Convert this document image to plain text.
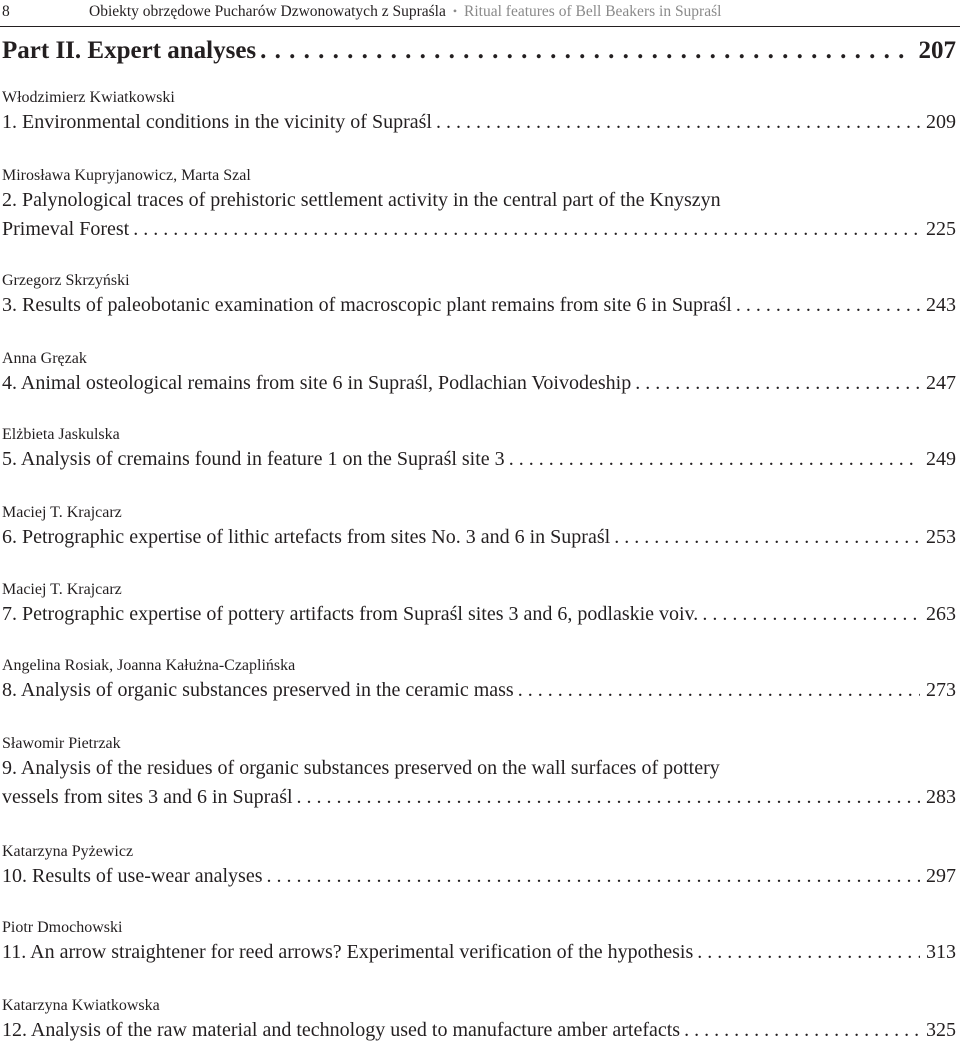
8	Obiekty obrzędowe Pucharów Dzwonowatych z Supraśla • Ritual features of Bell Beakers in Supraśl
Part II. Expert analyses . . .	207
Włodzimierz Kwiatkowski
1. Environmental conditions in the vicinity of Supraśl . . .	209
Mirosława Kupryjanowicz, Marta Szal
2. Palynological traces of prehistoric settlement activity in the central part of the Knyszyn
Primeval Forest . . .	225
Grzegorz Skrzyński
3. Results of paleobotanic examination of macroscopic plant remains from site 6 in Supraśl . . .	243
Anna Gręzak
4. Animal osteological remains from site 6 in Supraśl, Podlachian Voivodeship . . .	247
Elżbieta Jaskulska
5. Analysis of cremains found in feature 1 on the Supraśl site 3 . . .	249
Maciej T. Krajcarz
6. Petrographic expertise of lithic artefacts from sites No. 3 and 6 in Supraśl . . .	253
Maciej T. Krajcarz
7. Petrographic expertise of pottery artifacts from Supraśl sites 3 and 6, podlaskie voiv. . . .	263
Angelina Rosiak, Joanna Kałużna-Czaplińska
8. Analysis of organic substances preserved in the ceramic mass . . .	273
Sławomir Pietrzak
9. Analysis of the residues of organic substances preserved on the wall surfaces of pottery
vessels from sites 3 and 6 in Supraśl . . .	283
Katarzyna Pyżewicz
10. Results of use-wear analyses . . .	297
Piotr Dmochowski
11. An arrow straightener for reed arrows? Experimental verification of the hypothesis . . .	313
Katarzyna Kwiatkowska
12. Analysis of the raw material and technology used to manufacture amber artefacts . . .	325
